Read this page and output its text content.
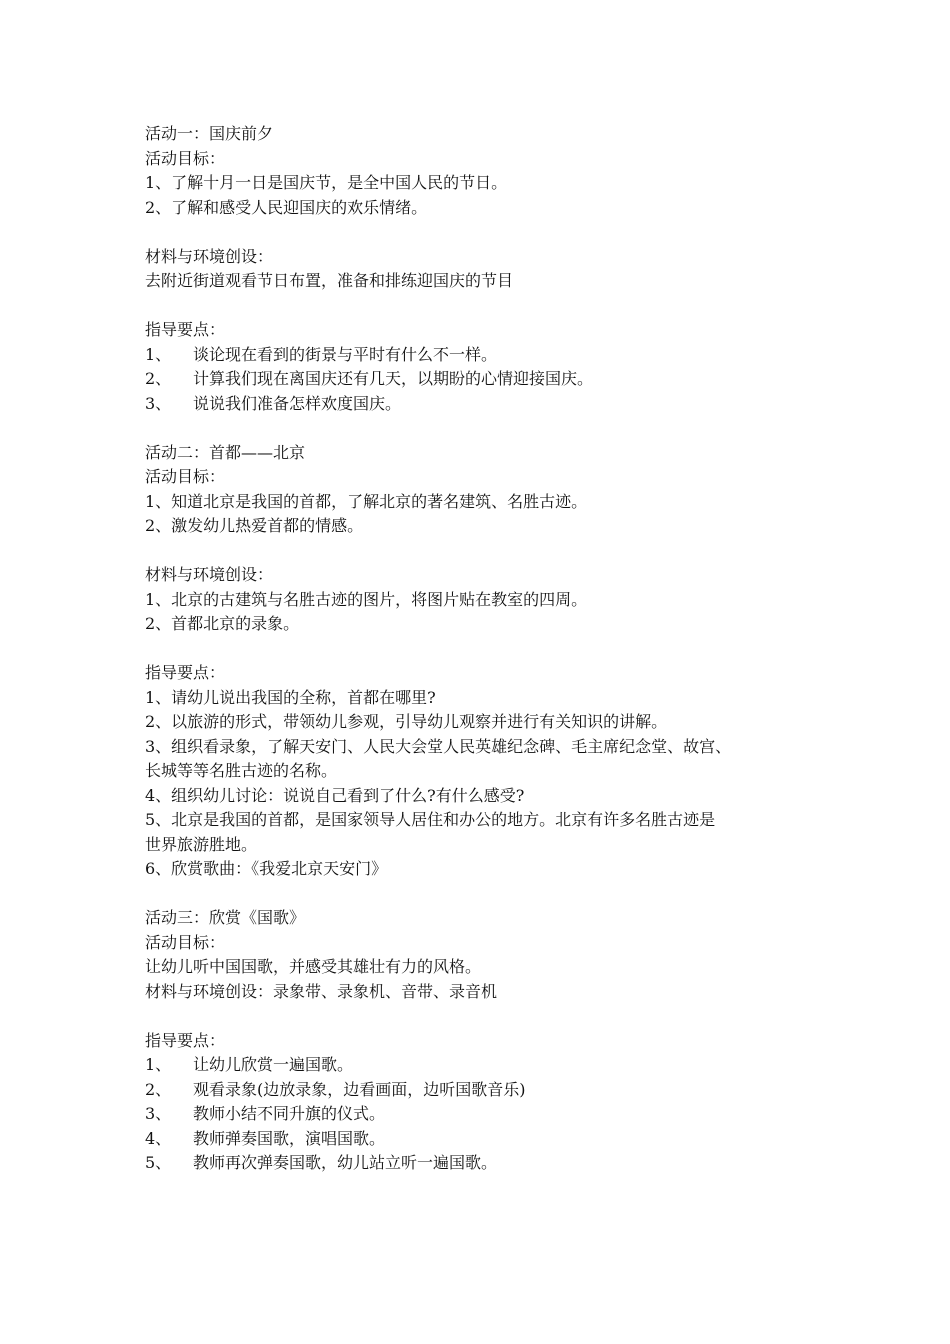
活动一：国庆前夕
活动目标：
1、了解十月一日是国庆节，是全中国人民的节日。
2、了解和感受人民迎国庆的欢乐情绪。
材料与环境创设：
去附近街道观看节日布置，准备和排练迎国庆的节目
指导要点：
1、 谈论现在看到的街景与平时有什么不一样。
2、 计算我们现在离国庆还有几天，以期盼的心情迎接国庆。
3、 说说我们准备怎样欢度国庆。
活动二：首都——北京
活动目标：
1、知道北京是我国的首都，了解北京的著名建筑、名胜古迹。
2、激发幼儿热爱首都的情感。
材料与环境创设：
1、北京的古建筑与名胜古迹的图片，将图片贴在教室的四周。
2、首都北京的录象。
指导要点：
1、请幼儿说出我国的全称，首都在哪里?
2、以旅游的形式，带领幼儿参观，引导幼儿观察并进行有关知识的讲解。
3、组织看录象，了解天安门、人民大会堂人民英雄纪念碑、毛主席纪念堂、故宫、
长城等等名胜古迹的名称。
4、组织幼儿讨论：说说自己看到了什么?有什么感受?
5、北京是我国的首都，是国家领导人居住和办公的地方。北京有许多名胜古迹是
世界旅游胜地。
6、欣赏歌曲：《我爱北京天安门》
活动三：欣赏《国歌》
活动目标：
让幼儿听中国国歌，并感受其雄壮有力的风格。
材料与环境创设：录象带、录象机、音带、录音机
指导要点：
1、 让幼儿欣赏一遍国歌。
2、 观看录象(边放录象，边看画面，边听国歌音乐)
3、 教师小结不同升旗的仪式。
4、 教师弹奏国歌，演唱国歌。
5、 教师再次弹奏国歌，幼儿站立听一遍国歌。
